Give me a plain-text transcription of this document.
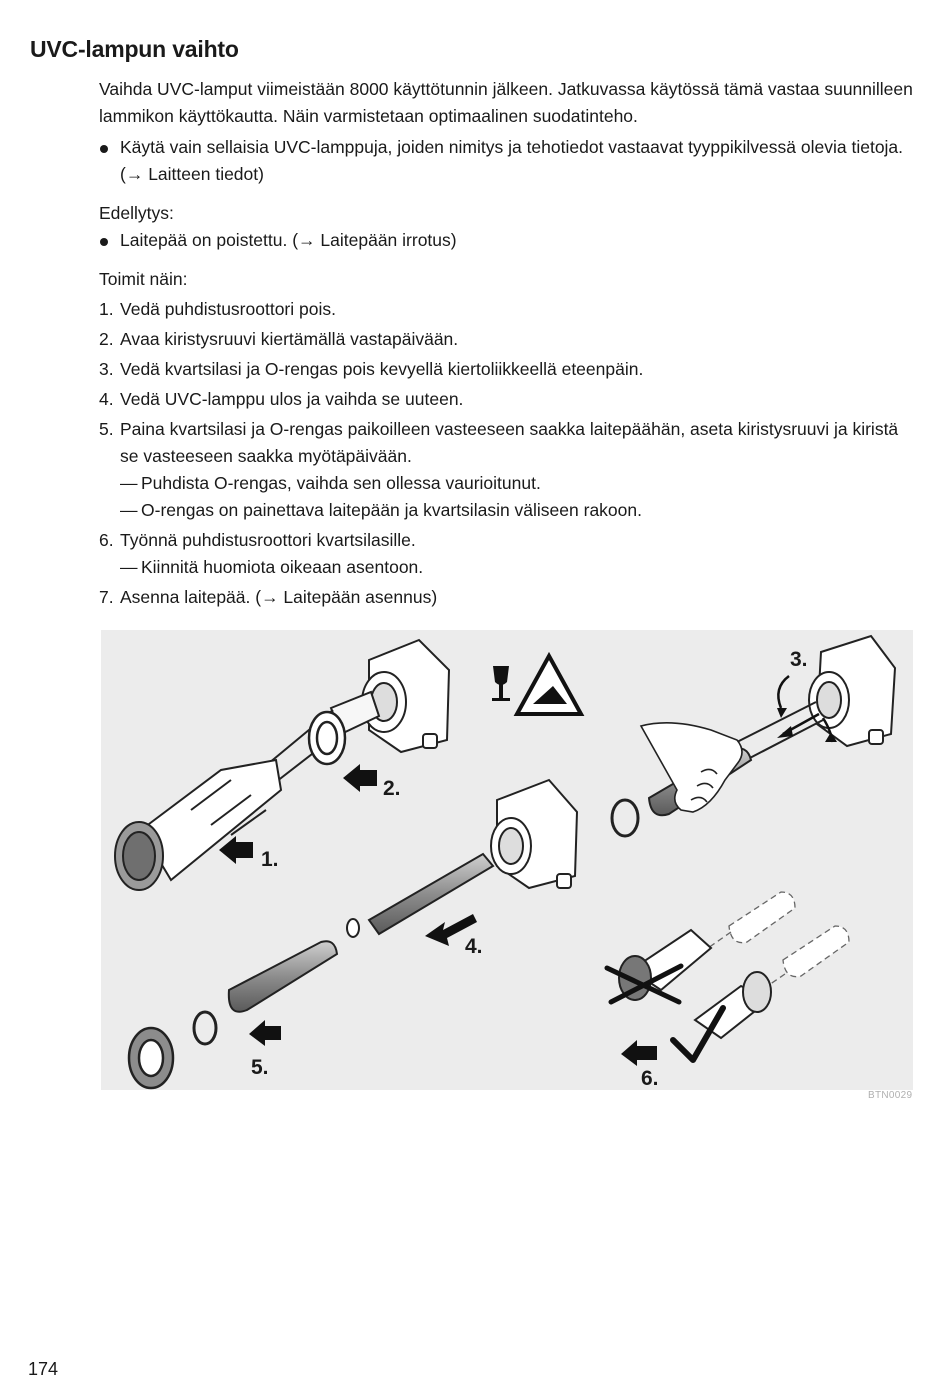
UVC-lampun vaihto

Vaihda UVC-lamput viimeistään 8000 käyttötunnin jälkeen. Jatkuvassa käytössä tämä vastaa suunnilleen lammikon käyttökautta. Näin varmistetaan optimaalinen suodatinteho.

Käytä vain sellaisia UVC-lamppuja, joiden nimitys ja tehotiedot vastaavat tyyppikilvessä olevia tietoja. (→ Laitteen tiedot)

Edellytys:

Laitepää on poistettu. (→ Laitepään irrotus)

Toimit näin:

1. Vedä puhdistusroottori pois.
2. Avaa kiristysruuvi kiertämällä vastapäivään.
3. Vedä kvartsilasi ja O-rengas pois kevyellä kiertoliikkeellä eteenpäin.
4. Vedä UVC-lamppu ulos ja vaihda se uuteen.
5. Paina kvartsilasi ja O-rengas paikoilleen vasteeseen saakka laitepäähän, aseta kiristysruuvi ja kiristä se vasteeseen saakka myötäpäivään.
— Puhdista O-rengas, vaihda sen ollessa vaurioitunut.
— O-rengas on painettava laitepään ja kvartsilasin väliseen rakoon.
6. Työnnä puhdistusroottori kvartsilasille.
— Kiinnitä huomiota oikeaan asentoon.
7. Asenna laitepää. (→ Laitepään asennus)
1.
2.
3.
4.
5.	6.
BTN0029
174
